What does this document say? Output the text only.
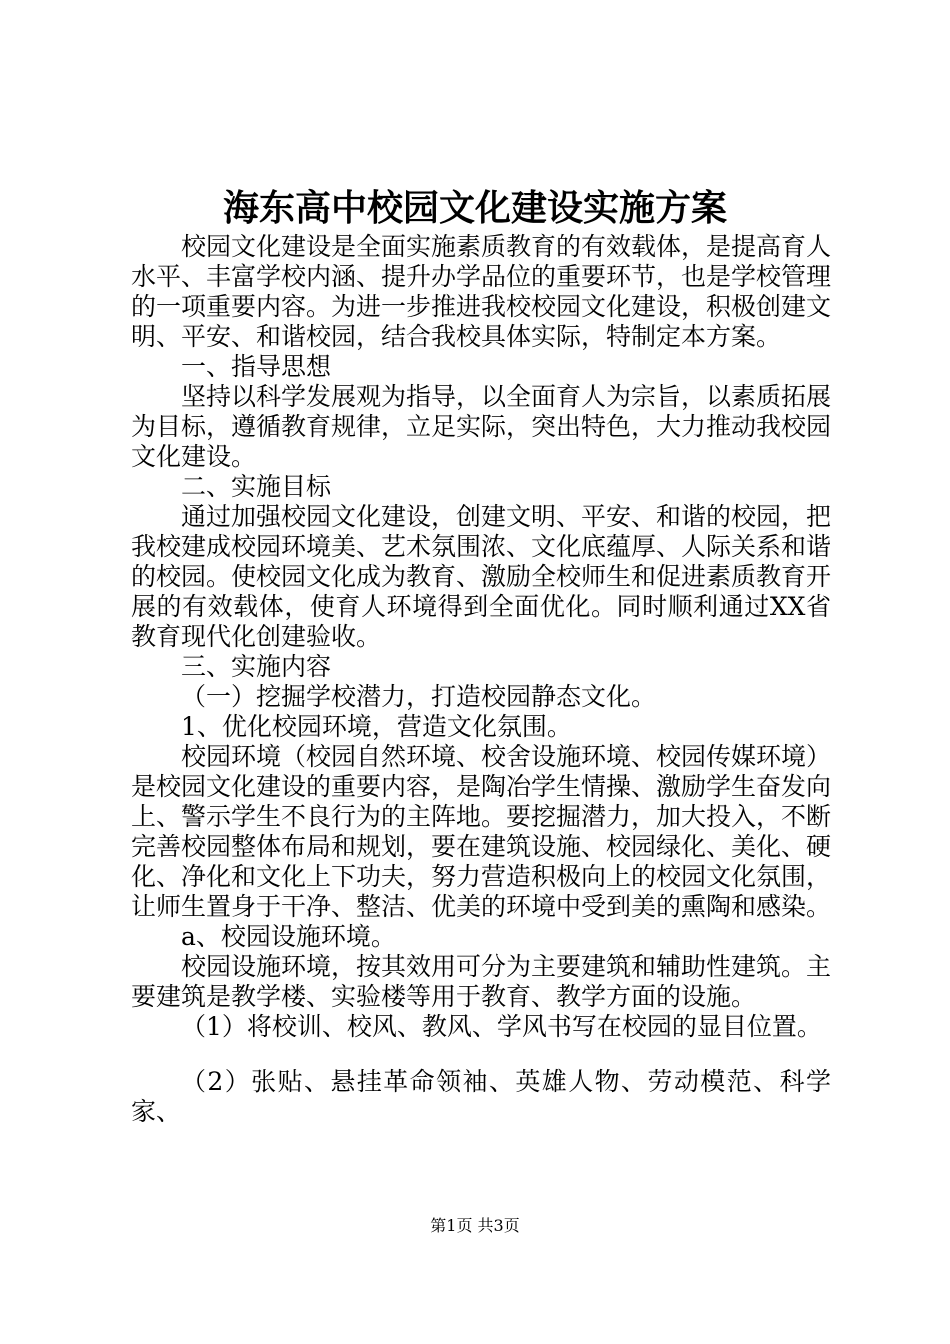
海东高中校园文化建设实施方案

校园文化建设是全面实施素质教育的有效载体，是提高育人水平、丰富学校内涵、提升办学品位的重要环节，也是学校管理的一项重要内容。为进一步推进我校校园文化建设，积极创建文明、平安、和谐校园，结合我校具体实际，特制定本方案。

一、指导思想

坚持以科学发展观为指导，以全面育人为宗旨，以素质拓展为目标，遵循教育规律，立足实际，突出特色，大力推动我校园文化建设。

二、实施目标

通过加强校园文化建设，创建文明、平安、和谐的校园，把我校建成校园环境美、艺术氛围浓、文化底蕴厚、人际关系和谐的校园。使校园文化成为教育、激励全校师生和促进素质教育开展的有效载体，使育人环境得到全面优化。同时顺利通过XX省教育现代化创建验收。

三、实施内容

（一）挖掘学校潜力，打造校园静态文化。

1、优化校园环境，营造文化氛围。

校园环境（校园自然环境、校舍设施环境、校园传媒环境）是校园文化建设的重要内容，是陶冶学生情操、激励学生奋发向上、警示学生不良行为的主阵地。要挖掘潜力，加大投入，不断完善校园整体布局和规划，要在建筑设施、校园绿化、美化、硬化、净化和文化上下功夫，努力营造积极向上的校园文化氛围，让师生置身于干净、整洁、优美的环境中受到美的熏陶和感染。

a、校园设施环境。

校园设施环境，按其效用可分为主要建筑和辅助性建筑。主要建筑是教学楼、实验楼等用于教育、教学方面的设施。

（1）将校训、校风、教风、学风书写在校园的显目位置。

（2）张贴、悬挂革命领袖、英雄人物、劳动模范、科学家、

第1页 共3页
